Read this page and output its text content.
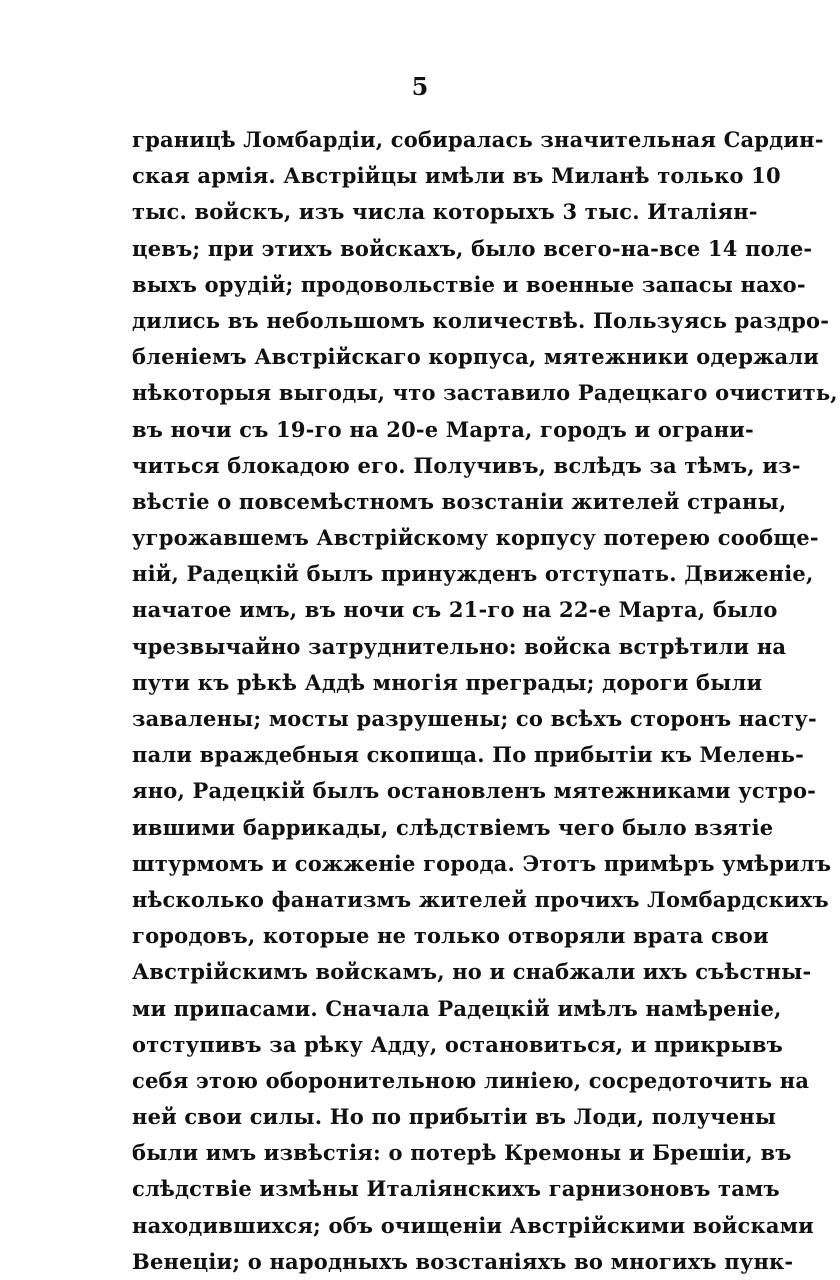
5
границѣ Ломбардіи, собиралась значительная Сардин-
ская армія. Австрійцы имѣли въ Миланѣ только 10
тыс. войскъ, изъ числа которыхъ 3 тыс. Италіян-
цевъ; при этихъ войскахъ, было всего-на-все 14 поле-
выхъ орудій; продовольствіе и военные запасы нахо-
дились въ небольшомъ количествѣ. Пользуясь раздро-
бленіемъ Австрійскаго корпуса, мятежники одержали
нѣкоторыя выгоды, что заставило Радецкаго очистить,
въ ночи съ 19-го на 20-е Марта, городъ и ограни-
читься блокадою его. Получивъ, вслѣдъ за тѣмъ, из-
вѣстіе о повсемѣстномъ возстаніи жителей страны,
угрожавшемъ Австрійскому корпусу потерею сообще-
ній, Радецкій былъ принужденъ отступать. Движеніе,
начатое имъ, въ ночи съ 21-го на 22-е Марта, было
чрезвычайно затруднительно: войска встрѣтили на
пути къ рѣкѣ Аддѣ многія преграды; дороги были
завалены; мосты разрушены; со всѣхъ сторонъ насту-
пали враждебныя скопища. По прибытіи къ Мелень-
яно, Радецкій былъ остановленъ мятежниками устро-
ившими баррикады, слѣдствіемъ чего было взятіе
штурмомъ и сожженіе города. Этотъ примѣръ умѣрилъ
нѣсколько фанатизмъ жителей прочихъ Ломбардскихъ
городовъ, которые не только отворяли врата свои
Австрійскимъ войскамъ, но и снабжали ихъ съѣстны-
ми припасами. Сначала Радецкій имѣлъ намѣреніе,
отступивъ за рѣку Адду, остановиться, и прикрывъ
себя этою оборонительною линіею, сосредоточить на
ней свои силы. Но по прибытіи въ Лоди, получены
были имъ извѣстія: о потерѣ Кремоны и Брешіи, въ
слѣдствіе измѣны Италіянскихъ гарнизоновъ тамъ
находившихся; объ очищеніи Австрійскими войсками
Венеціи; о народныхъ возстаніяхъ во многихъ пунк-
